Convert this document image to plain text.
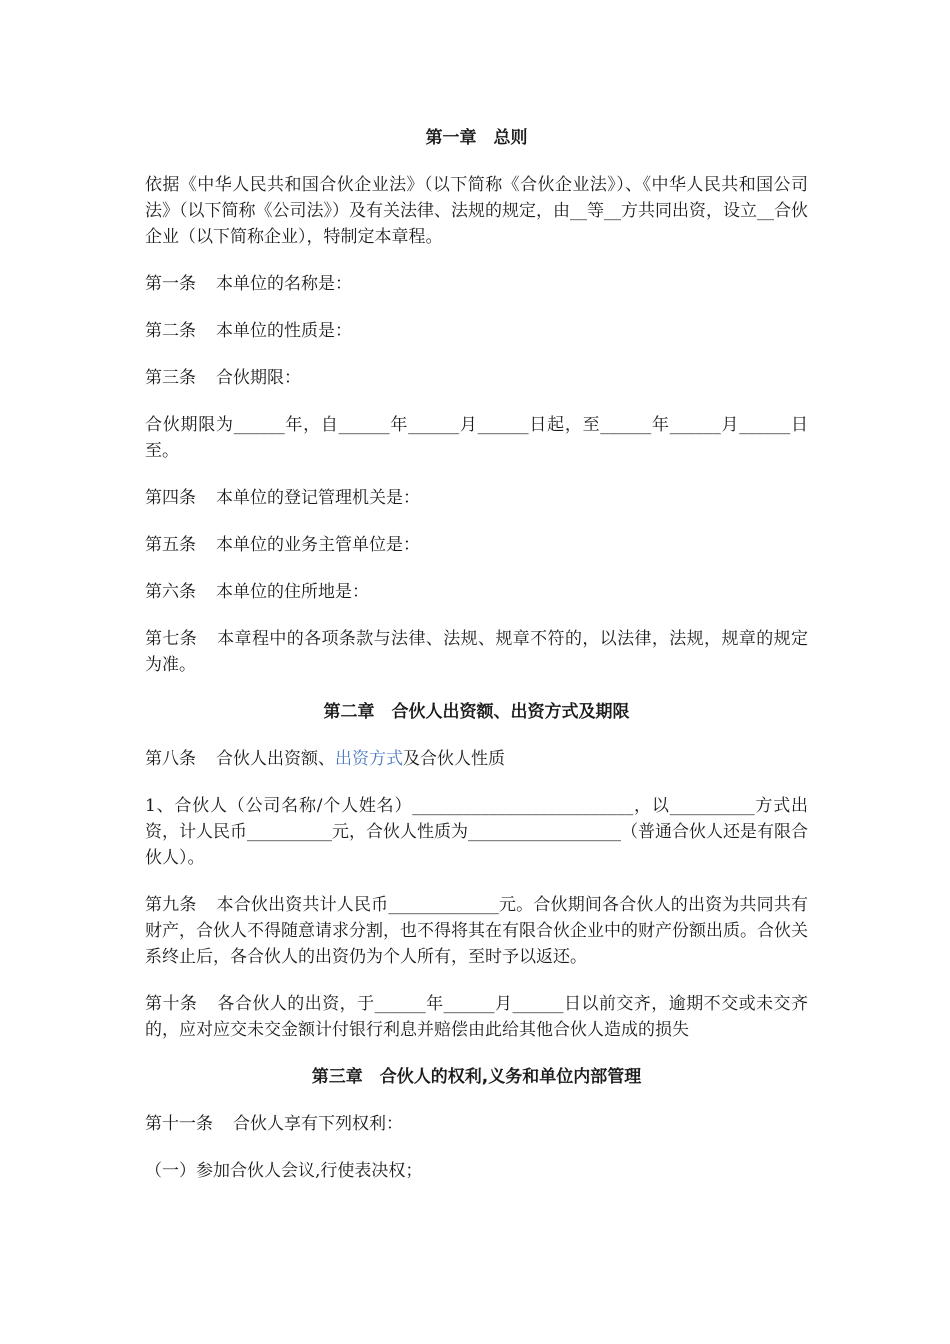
第一章　总则

依据《中华人民共和国合伙企业法》（以下简称《合伙企业法》）、《中华人民共和国公司法》（以下简称《公司法》）及有关法律、法规的规定，由__等__方共同出资，设立__合伙企业（以下简称企业），特制定本章程。

第一条 本单位的名称是：

第二条 本单位的性质是：

第三条 合伙期限：

合伙期限为______年，自______年______月______日起，至______年______月______日至。

第四条 本单位的登记管理机关是：

第五条 本单位的业务主管单位是：

第六条 本单位的住所地是：

第七条 本章程中的各项条款与法律、法规、规章不符的，以法律，法规，规章的规定为准。

第二章　合伙人出资额、出资方式及期限

第八条 合伙人出资额、出资方式及合伙人性质

1、合伙人（公司名称/个人姓名）__________________________，以__________方式出资，计人民币__________元，合伙人性质为__________________（普通合伙人还是有限合伙人）。

第九条 本合伙出资共计人民币_____________元。合伙期间各合伙人的出资为共同共有财产，合伙人不得随意请求分割，也不得将其在有限合伙企业中的财产份额出质。合伙关系终止后，各合伙人的出资仍为个人所有，至时予以返还。

第十条 各合伙人的出资，于______年______月______日以前交齐，逾期不交或未交齐的，应对应交未交金额计付银行利息并赔偿由此给其他合伙人造成的损失

第三章　合伙人的权利,义务和单位内部管理

第十一条 合伙人享有下列权利：

（一）参加合伙人会议,行使表决权；
